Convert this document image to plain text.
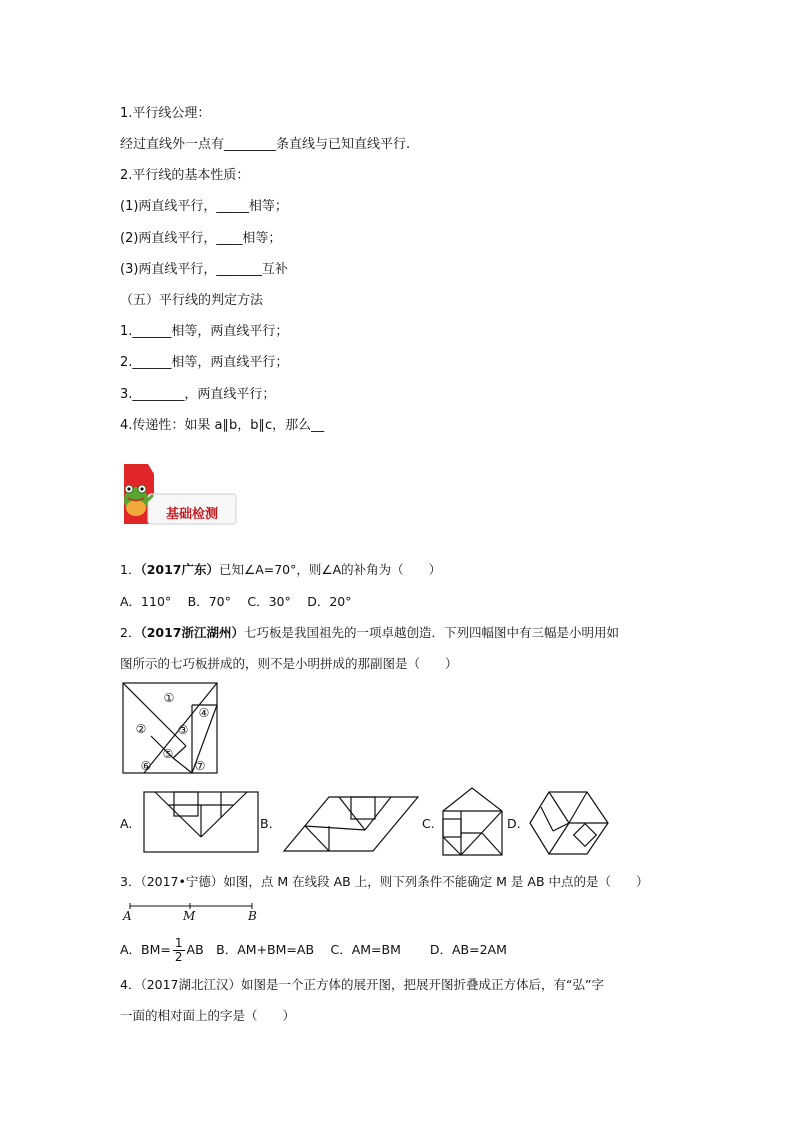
1.平行线公理：
经过直线外一点有________条直线与已知直线平行.
2.平行线的基本性质：
(1)两直线平行，_____相等；
(2)两直线平行，____相等；
(3)两直线平行，_______互补
（五）平行线的判定方法
1.______相等，两直线平行；
2.______相等，两直线平行；
3.________，两直线平行；
4.传递性：如果 a∥b，b∥c，那么__
基础检测
1．（2017广东）已知∠A=70°，则∠A的补角为（　　）
A．110°　 B．70°　 C．30°　 D．20°
2．（2017浙江湖州）七巧板是我国祖先的一项卓越创造．下列四幅图中有三幅是小明用如
图所示的七巧板拼成的，则不是小明拼成的那副图是（　　）
①
②	③
④
⑤
⑥	⑦
A.	B.	C.	D.
3．（2017•宁德）如图，点 M 在线段 AB 上，则下列条件不能确定 M 是 AB 中点的是（　　）
A	M	B
A．$BM= \frac{1}{2}$ AB　B．AM+BM=AB　 C．AM=BM　　 D．AB=2AM
4．（2017湖北江汉）如图是一个正方体的展开图，把展开图折叠成正方体后，有“弘”字
一面的相对面上的字是（　　）
